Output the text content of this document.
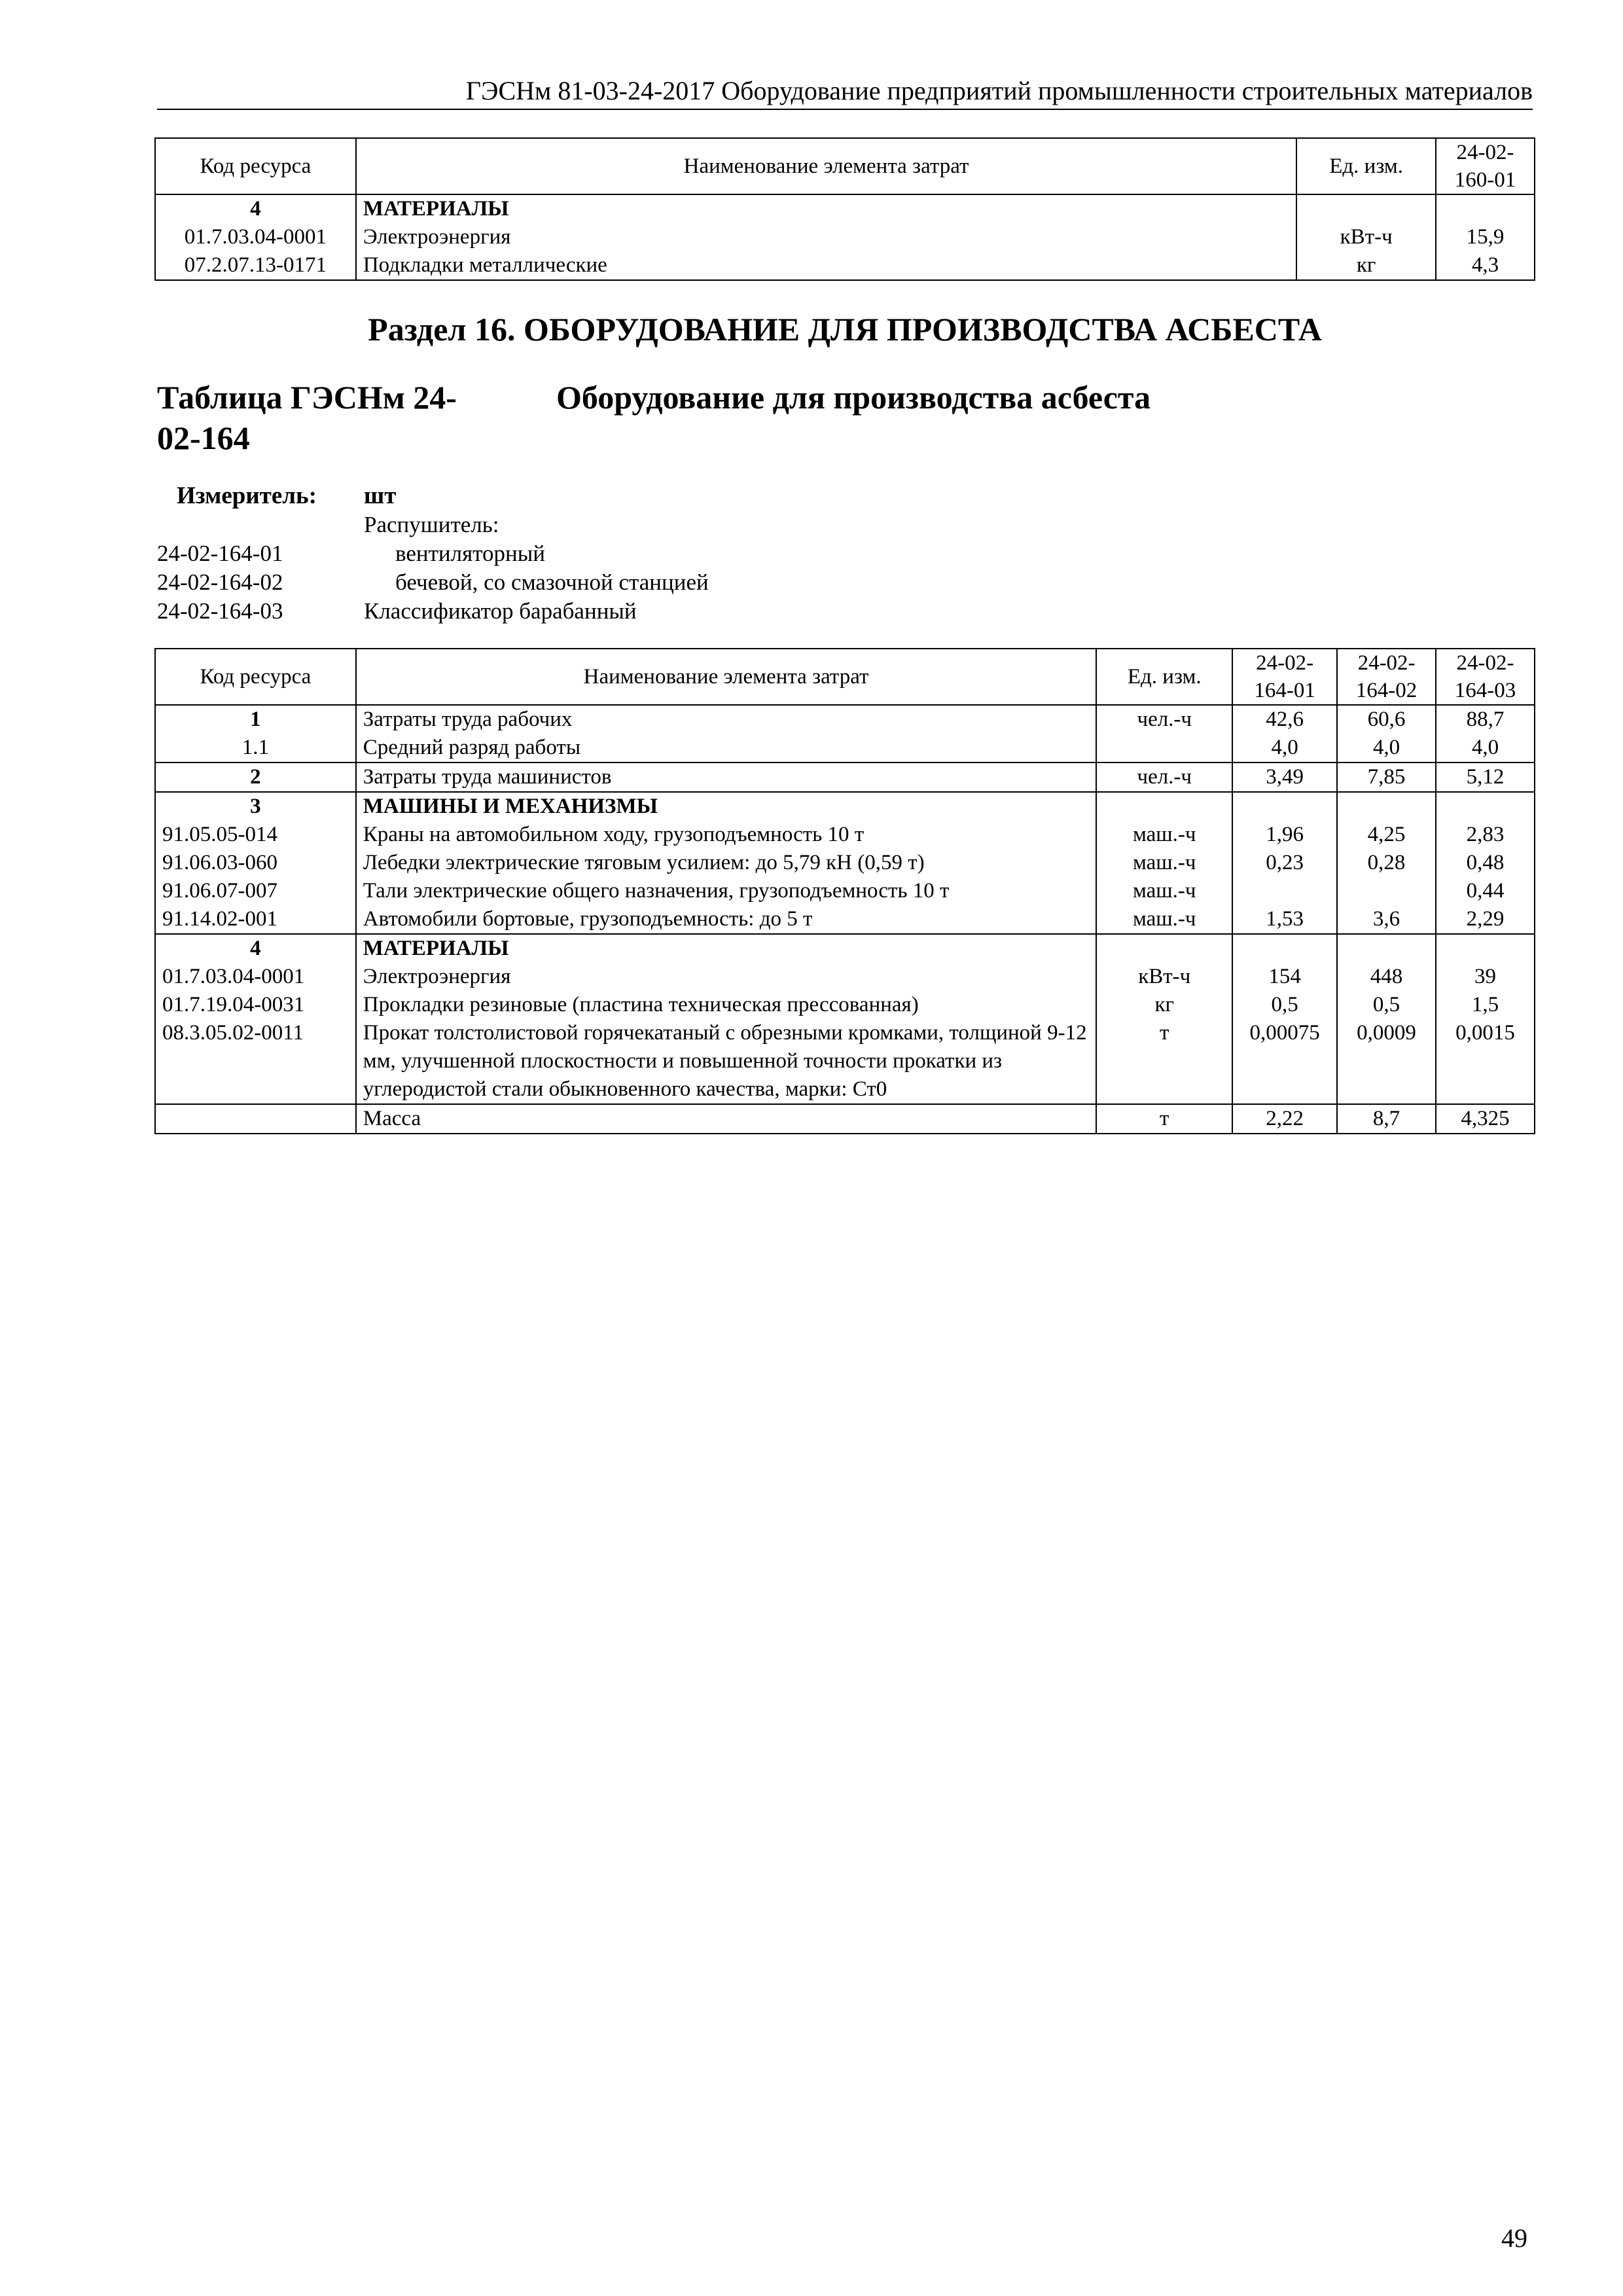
ГЭСНм 81-03-24-2017 Оборудование предприятий промышленности строительных материалов
Код ресурса	Наименование элемента затрат	Ед. изм.	24-02-160-01
4	МАТЕРИАЛЫ		
01.7.03.04-0001	Электроэнергия	кВт-ч	15,9
07.2.07.13-0171	Подкладки металлические	кг	4,3
Раздел 16. ОБОРУДОВАНИЕ ДЛЯ ПРОИЗВОДСТВА АСБЕСТА
Таблица ГЭСНм 24-02-164
Оборудование для производства асбеста
Измеритель: шт
Распушитель:
24-02-164-01	вентиляторный
24-02-164-02	бечевой, со смазочной станцией
24-02-164-03	Классификатор барабанный
Код ресурса	Наименование элемента затрат	Ед. изм.	24-02-164-01	24-02-164-02	24-02-164-03
1	Затраты труда рабочих	чел.-ч	42,6	60,6	88,7
1.1	Средний разряд работы		4,0	4,0	4,0
2	Затраты труда машинистов	чел.-ч	3,49	7,85	5,12
3	МАШИНЫ И МЕХАНИЗМЫ				
91.05.05-014	Краны на автомобильном ходу, грузоподъемность 10 т	маш.-ч	1,96	4,25	2,83
91.06.03-060	Лебедки электрические тяговым усилием: до 5,79 кН (0,59 т)	маш.-ч	0,23	0,28	0,48
91.06.07-007	Тали электрические общего назначения, грузоподъемность 10 т	маш.-ч			0,44
91.14.02-001	Автомобили бортовые, грузоподъемность: до 5 т	маш.-ч	1,53	3,6	2,29
4	МАТЕРИАЛЫ				
01.7.03.04-0001	Электроэнергия	кВт-ч	154	448	39
01.7.19.04-0031	Прокладки резиновые (пластина техническая прессованная)	кг	0,5	0,5	1,5
08.3.05.02-0011	Прокат толстолистовой горячекатаный с обрезными кромками, толщиной 9-12 мм, улучшенной плоскостности и повышенной точности прокатки из углеродистой стали обыкновенного качества, марки: Ст0	т	0,00075	0,0009	0,0015
	Масса	т	2,22	8,7	4,325
49
